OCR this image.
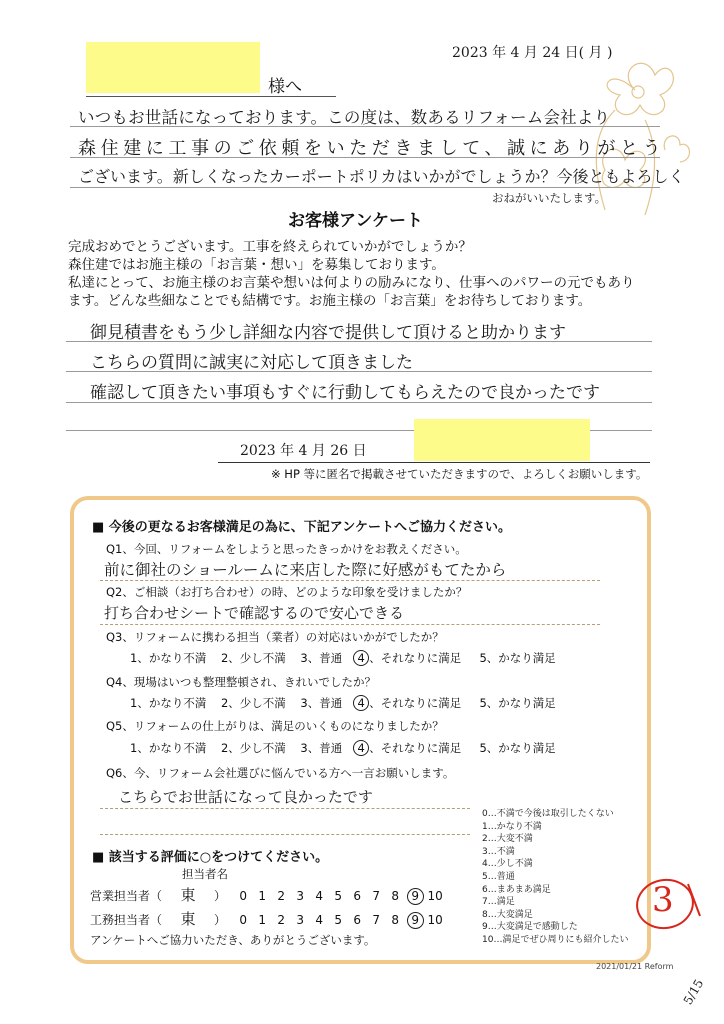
2023 年 4 月 24 日( 月 )
様へ
いつもお世話になっております。この度は、数あるリフォーム会社より
森住建に工事のご依頼をいただきまして、誠にありがとう
ございます。新しくなったカーポートポリカはいかがでしょうか？今後ともよろしく
おねがいいたします。
お客様アンケート
完成おめでとうございます。工事を終えられていかがでしょうか？
森住建ではお施主様の「お言葉・想い」を募集しております。
私達にとって、お施主様のお言葉や想いは何よりの励みになり、仕事へのパワーの元でもあり
ます。どんな些細なことでも結構です。お施主様の「お言葉」をお待ちしております。
御見積書をもう少し詳細な内容で提供して頂けると助かります
こちらの質問に誠実に対応して頂きました
確認して頂きたい事項もすぐに行動してもらえたので良かったです
2023 年 4 月 26 日
※ HP 等に匿名で掲載させていただきますので、よろしくお願いします。
■ 今後の更なるお客様満足の為に、下記アンケートへご協力ください。
Q1、今回、リフォームをしようと思ったきっかけをお教えください。
前に御社のショールームに来店した際に好感がもてたから
Q2、ご相談（お打ち合わせ）の時、どのような印象を受けましたか？
打ち合わせシートで確認するので安心できる
Q3、リフォームに携わる担当（業者）の対応はいかがでしたか？
1、かなり不満 2、少し不満 3、普通 4 、それなりに満足 5、かなり満足
Q4、現場はいつも整理整頓され、きれいでしたか？
1、かなり不満 2、少し不満 3、普通 4 、それなりに満足 5、かなり満足
Q5、リフォームの仕上がりは、満足のいくものになりましたか？
1、かなり不満 2、少し不満 3、普通 4 、それなりに満足 5、かなり満足
Q6、今、リフォーム会社選びに悩んでいる方へ一言お願いします。
こちらでお世話になって良かったです
0…不満で今後は取引したくない
1…かなり不満
2…大変不満
3…不満
4…少し不満
5…普通
6…まあまあ満足
7…満足
8…大変満足
9…大変満足で感動した
10…満足でぜひ周りにも紹介したい
■ 該当する評価に○をつけてください。
担当者名
営業担当者（ 東 ） 0 1 2 3 4 5 6 7 8 9 10
工務担当者（ 東 ） 0 1 2 3 4 5 6 7 8 9 10
アンケートへご協力いただき、ありがとうございます。
3
2021/01/21 Reform
5/15
